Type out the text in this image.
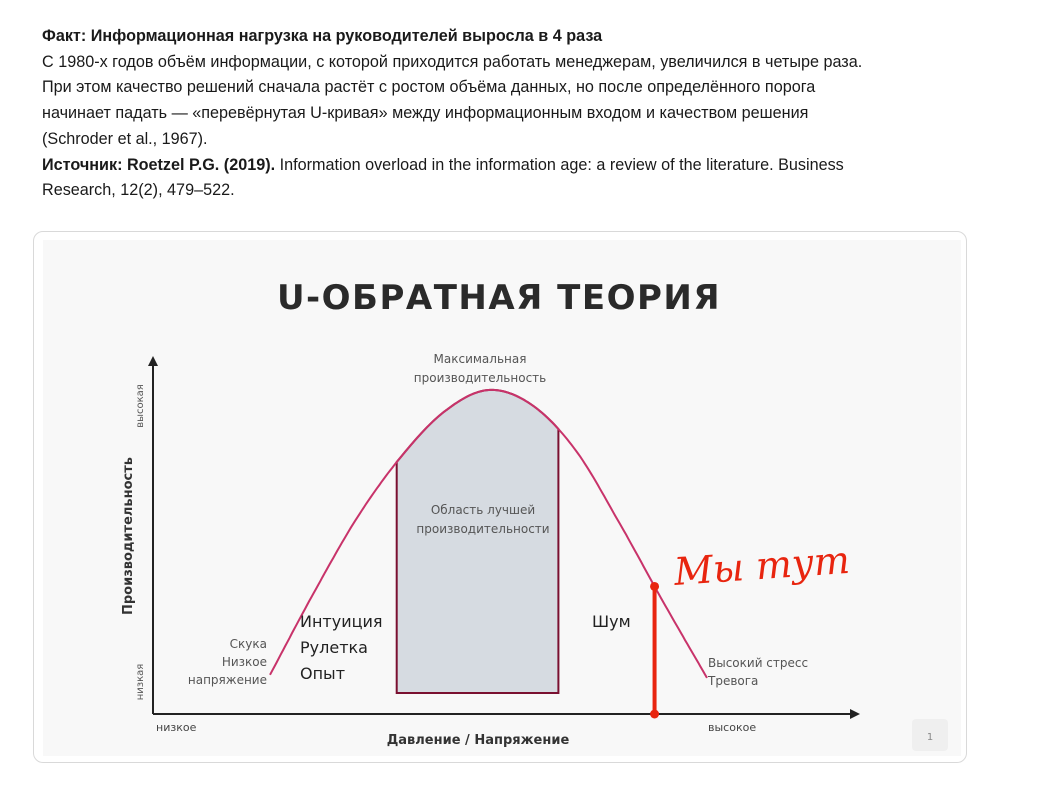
Факт: Информационная нагрузка на руководителей выросла в 4 раза

С 1980-х годов объём информации, с которой приходится работать менеджерам, увеличился в четыре раза.

При этом качество решений сначала растёт с ростом объёма данных, но после определённого порога

начинает падать — «перевёрнутая U-кривая» между информационным входом и качеством решения

(Schroder et al., 1967).

Источник: Roetzel P.G. (2019). Information overload in the information age: a review of the literature. Business

Research, 12(2), 479–522.

U-ОБРАТНАЯ ТЕОРИЯ
Производительность
высокая
низкая
низкое	высокое
Давление / Напряжение
Максимальная
производительность
Область лучшей
производительности
Скука
Низкое
напряжение
Интуиция
Рулетка
Опыт
Шум
Высокий стресс
Тревога
Мы тут
1
